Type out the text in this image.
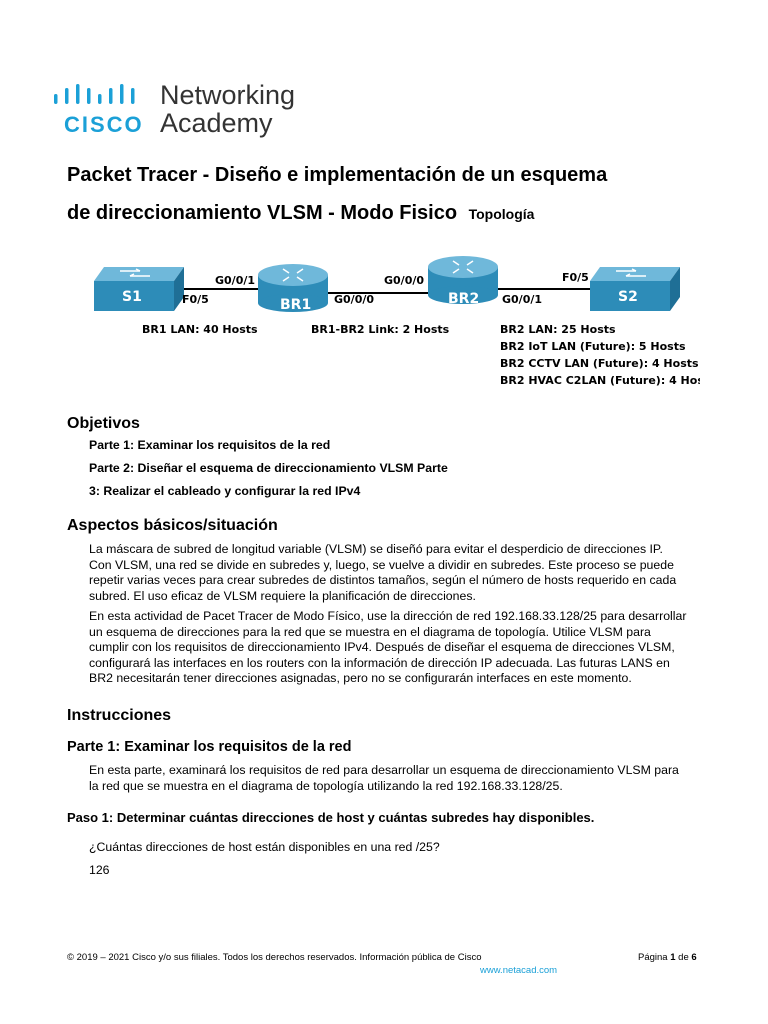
CISCO
Networking
Academy
Packet Tracer - Diseño e implementación de un esquema
de direccionamiento VLSM - Modo Fisico Topología
S1	BR1	BR2	S2
G0/0/1
F0/5	G0/0/0
G0/0/0
G0/0/1
F0/5
BR1 LAN: 40 Hosts	BR1-BR2 Link: 2 Hosts	BR2 LAN: 25 Hosts
BR2 IoT LAN (Future): 5 Hosts
BR2 CCTV LAN (Future): 4 Hosts
BR2 HVAC C2LAN (Future): 4 Hosts
Objetivos
Parte 1: Examinar los requisitos de la red
Parte 2: Diseñar el esquema de direccionamiento VLSM Parte
3: Realizar el cableado y configurar la red IPv4
Aspectos básicos/situación
La máscara de subred de longitud variable (VLSM) se diseñó para evitar el desperdicio de direcciones IP.
Con VLSM, una red se divide en subredes y, luego, se vuelve a dividir en subredes. Este proceso se puede
repetir varias veces para crear subredes de distintos tamaños, según el número de hosts requerido en cada
subred. El uso eficaz de VLSM requiere la planificación de direcciones.
En esta actividad de Pacet Tracer de Modo Físico, use la dirección de red 192.168.33.128/25 para desarrollar
un esquema de direcciones para la red que se muestra en el diagrama de topología. Utilice VLSM para
cumplir con los requisitos de direccionamiento IPv4. Después de diseñar el esquema de direcciones VLSM,
configurará las interfaces en los routers con la información de dirección IP adecuada. Las futuras LANS en
BR2 necesitarán tener direcciones asignadas, pero no se configurarán interfaces en este momento.
Instrucciones
Parte 1: Examinar los requisitos de la red
En esta parte, examinará los requisitos de red para desarrollar un esquema de direccionamiento VLSM para
la red que se muestra en el diagrama de topología utilizando la red 192.168.33.128/25.
Paso 1: Determinar cuántas direcciones de host y cuántas subredes hay disponibles.
¿Cuántas direcciones de host están disponibles en una red /25?
126
© 2019 – 2021 Cisco y/o sus filiales. Todos los derechos reservados. Información pública de Cisco	Página 1 de 6
www.netacad.com
